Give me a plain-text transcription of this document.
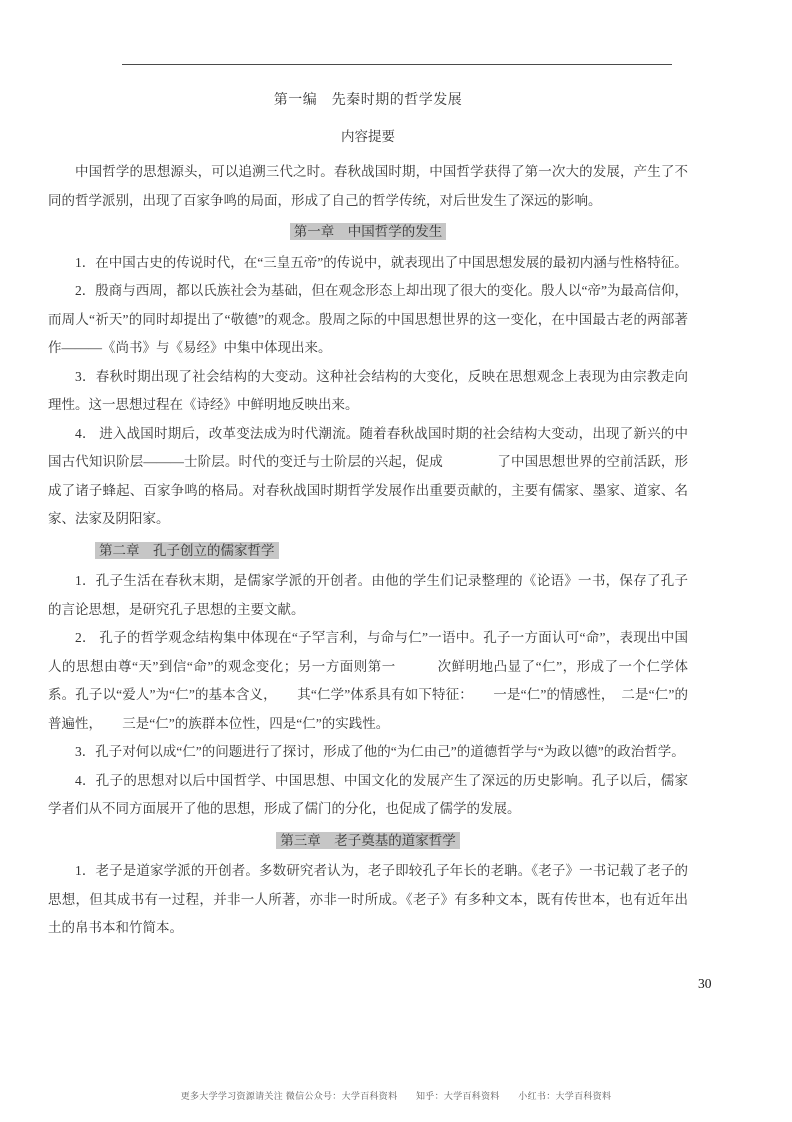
第一编　先秦时期的哲学发展
内容提要

中国哲学的思想源头，可以追溯三代之时。春秋战国时期，中国哲学获得了第一次大的发展，产生了不同的哲学派别，出现了百家争鸣的局面，形成了自己的哲学传统，对后世发生了深远的影响。

第一章　中国哲学的发生

1．在中国古史的传说时代，在“三皇五帝”的传说中，就表现出了中国思想发展的最初内涵与性格特征。

2．殷商与西周，都以氏族社会为基础，但在观念形态上却出现了很大的变化。殷人以“帝”为最高信仰，而周人“祈天”的同时却提出了“敬德”的观念。殷周之际的中国思想世界的这一变化，在中国最古老的两部著作———《尚书》与《易经》中集中体现出来。

3．春秋时期出现了社会结构的大变动。这种社会结构的大变化，反映在思想观念上表现为由宗教走向理性。这一思想过程在《诗经》中鲜明地反映出来。

4． 进入战国时期后，改革变法成为时代潮流。随着春秋战国时期的社会结构大变动，出现了新兴的中国古代知识阶层———士阶层。时代的变迁与士阶层的兴起，促成　　　　了中国思想世界的空前活跃，形成了诸子蜂起、百家争鸣的格局。对春秋战国时期哲学发展作出重要贡献的，主要有儒家、墨家、道家、名家、法家及阴阳家。

第二章　孔子创立的儒家哲学

1．孔子生活在春秋末期，是儒家学派的开创者。由他的学生们记录整理的《论语》一书，保存了孔子的言论思想，是研究孔子思想的主要文献。

2． 孔子的哲学观念结构集中体现在“子罕言利，与命与仁”一语中。孔子一方面认可“命”，表现出中国人的思想由尊“天”到信“命”的观念变化；另一方面则第一　　　次鲜明地凸显了“仁”，形成了一个仁学体系。孔子以“爱人”为“仁”的基本含义，　　其“仁学”体系具有如下特征：　　一是“仁”的情感性，　二是“仁”的普遍性，　　三是“仁”的族群本位性，四是“仁”的实践性。

3．孔子对何以成“仁”的问题进行了探讨，形成了他的“为仁由己”的道德哲学与“为政以德”的政治哲学。

4．孔子的思想对以后中国哲学、中国思想、中国文化的发展产生了深远的历史影响。孔子以后，儒家学者们从不同方面展开了他的思想，形成了儒门的分化，也促成了儒学的发展。

第三章　老子奠基的道家哲学

1．老子是道家学派的开创者。多数研究者认为，老子即较孔子年长的老聃。《老子》一书记载了老子的思想，但其成书有一过程，并非一人所著，亦非一时所成。《老子》有多种文本，既有传世本，也有近年出土的帛书本和竹简本。

30
更多大学学习资源请关注 微信公众号：大学百科资料　　知乎：大学百科资料　　小红书：大学百科资料
